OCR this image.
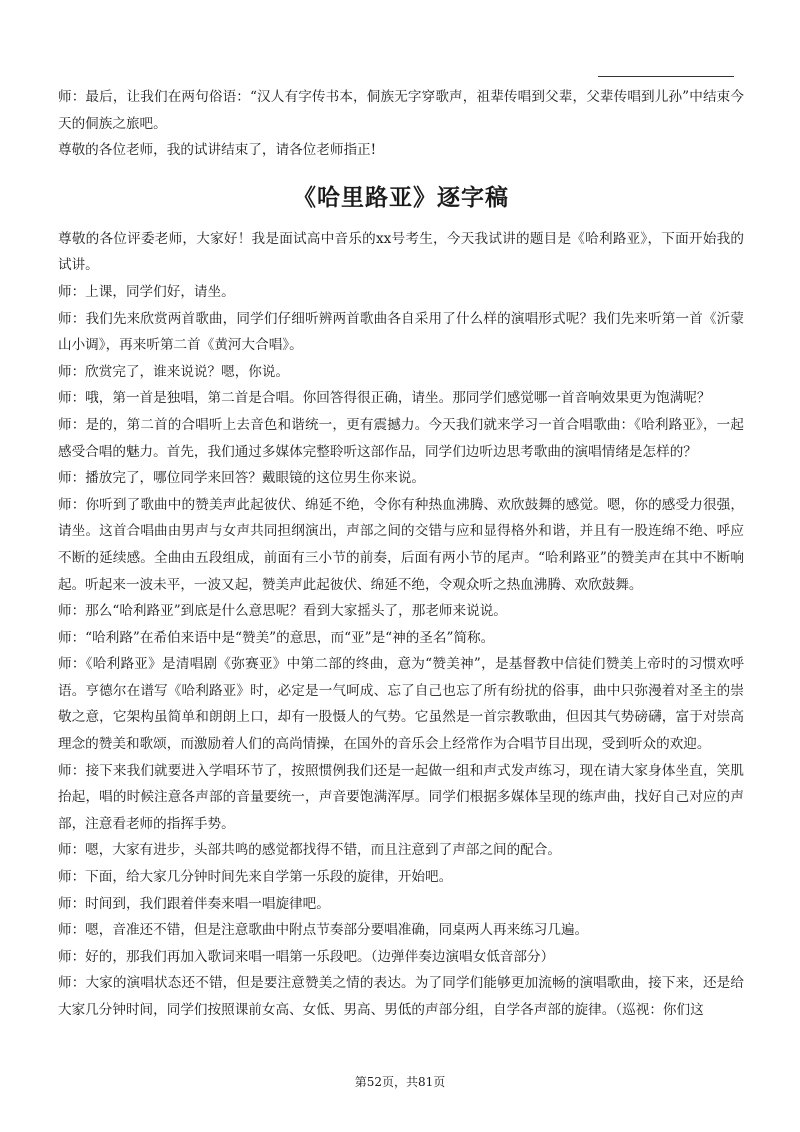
师：最后，让我们在两句俗语：“汉人有字传书本，侗族无字穿歌声，祖辈传唱到父辈，父辈传唱到儿孙”中结束今天的侗族之旅吧。

尊敬的各位老师，我的试讲结束了，请各位老师指正!

《哈里路亚》逐字稿

尊敬的各位评委老师，大家好！我是面试高中音乐的xx号考生，今天我试讲的题目是《哈利路亚》，下面开始我的试讲。

师：上课，同学们好，请坐。

师：我们先来欣赏两首歌曲，同学们仔细听辨两首歌曲各自采用了什么样的演唱形式呢？我们先来听第一首《沂蒙山小调》，再来听第二首《黄河大合唱》。

师：欣赏完了，谁来说说？嗯，你说。

师：哦，第一首是独唱，第二首是合唱。你回答得很正确，请坐。那同学们感觉哪一首音响效果更为饱满呢？

师：是的，第二首的合唱听上去音色和谐统一，更有震撼力。今天我们就来学习一首合唱歌曲：《哈利路亚》，一起感受合唱的魅力。首先，我们通过多媒体完整聆听这部作品，同学们边听边思考歌曲的演唱情绪是怎样的？

师：播放完了，哪位同学来回答？戴眼镜的这位男生你来说。

师：你听到了歌曲中的赞美声此起彼伏、绵延不绝，令你有种热血沸腾、欢欣鼓舞的感觉。嗯，你的感受力很强，请坐。这首合唱曲由男声与女声共同担纲演出，声部之间的交错与应和显得格外和谐，并且有一股连绵不绝、呼应不断的延续感。全曲由五段组成，前面有三小节的前奏，后面有两小节的尾声。“哈利路亚”的赞美声在其中不断响起。听起来一波未平，一波又起，赞美声此起彼伏、绵延不绝，令观众听之热血沸腾、欢欣鼓舞。

师：那么“哈利路亚”到底是什么意思呢？看到大家摇头了，那老师来说说。

师：“哈利路”在希伯来语中是“赞美”的意思，而“亚”是“神的圣名”简称。

师：《哈利路亚》是清唱剧《弥赛亚》中第二部的终曲，意为“赞美神”，是基督教中信徒们赞美上帝时的习惯欢呼语。亨德尔在谱写《哈利路亚》时，必定是一气呵成、忘了自己也忘了所有纷扰的俗事，曲中只弥漫着对圣主的崇敬之意，它架构虽简单和朗朗上口，却有一股慑人的气势。它虽然是一首宗教歌曲，但因其气势磅礴，富于对崇高理念的赞美和歌颂，而激励着人们的高尚情操，在国外的音乐会上经常作为合唱节目出现，受到听众的欢迎。

师：接下来我们就要进入学唱环节了，按照惯例我们还是一起做一组和声式发声练习，现在请大家身体坐直，笑肌抬起，唱的时候注意各声部的音量要统一，声音要饱满浑厚。同学们根据多媒体呈现的练声曲，找好自己对应的声部，注意看老师的指挥手势。

师：嗯，大家有进步，头部共鸣的感觉都找得不错，而且注意到了声部之间的配合。

师：下面，给大家几分钟时间先来自学第一乐段的旋律，开始吧。

师：时间到，我们跟着伴奏来唱一唱旋律吧。

师：嗯，音准还不错，但是注意歌曲中附点节奏部分要唱准确，同桌两人再来练习几遍。

师：好的，那我们再加入歌词来唱一唱第一乐段吧。（边弹伴奏边演唱女低音部分）

师：大家的演唱状态还不错，但是要注意赞美之情的表达。为了同学们能够更加流畅的演唱歌曲，接下来，还是给大家几分钟时间，同学们按照课前女高、女低、男高、男低的声部分组，自学各声部的旋律。（巡视：你们这

第52页，共81页
